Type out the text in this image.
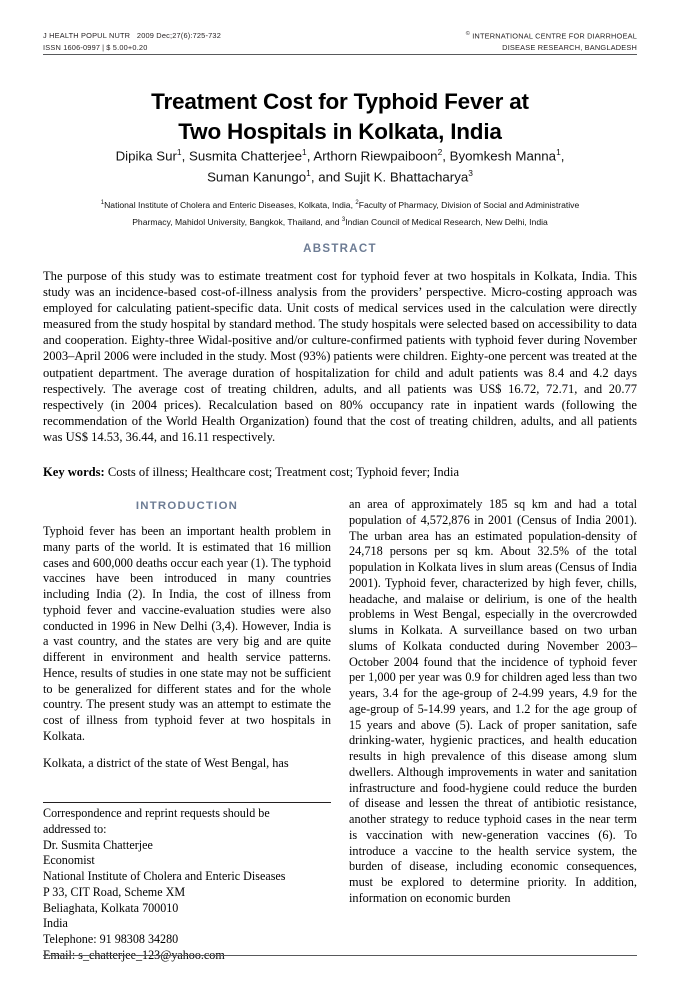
J HEALTH POPUL NUTR 2009 Dec;27(6):725-732
ISSN 1606-0997 | $ 5.00+0.20
© INTERNATIONAL CENTRE FOR DIARRHOEAL
DISEASE RESEARCH, BANGLADESH
Treatment Cost for Typhoid Fever at
Two Hospitals in Kolkata, India
Dipika Sur$^1$, Susmita Chatterjee$^1$, Arthorn Riewpaiboon$^2$, Byomkesh Manna$^1$,
Suman Kanungo$^1$, and Sujit K. Bhattacharya$^3$
$^1$National Institute of Cholera and Enteric Diseases, Kolkata, India, $^2$Faculty of Pharmacy, Division of Social and Administrative
Pharmacy, Mahidol University, Bangkok, Thailand, and $^3$Indian Council of Medical Research, New Delhi, India
ABSTRACT
The purpose of this study was to estimate treatment cost for typhoid fever at two hospitals in Kolkata, India. This study was an incidence-based cost-of-illness analysis from the providers’ perspective. Micro-costing approach was employed for calculating patient-specific data. Unit costs of medical services used in the calculation were directly measured from the study hospital by standard method. The study hospitals were selected based on accessibility to data and cooperation. Eighty-three Widal-positive and/or culture-confirmed patients with typhoid fever during November 2003–April 2006 were included in the study. Most (93%) patients were children. Eighty-one percent was treated at the outpatient department. The average duration of hospitalization for child and adult patients was 8.4 and 4.2 days respectively. The average cost of treating children, adults, and all patients was US$ 16.72, 72.71, and 20.77 respectively (in 2004 prices). Recalculation based on 80% occupancy rate in inpatient wards (following the recommendation of the World Health Organization) found that the cost of treating children, adults, and all patients was US$ 14.53, 36.44, and 16.11 respectively.
Key words: Costs of illness; Healthcare cost; Treatment cost; Typhoid fever; India
INTRODUCTION

Typhoid fever has been an important health problem in many parts of the world. It is estimated that 16 million cases and 600,000 deaths occur each year (1). The typhoid vaccines have been introduced in many countries including India (2). In India, the cost of illness from typhoid fever and vaccine-evaluation studies were also conducted in 1996 in New Delhi (3,4). However, India is a vast country, and the states are very big and are quite different in environment and health service patterns. Hence, results of studies in one state may not be sufficient to be generalized for different states and for the whole country. The present study was an attempt to estimate the cost of illness from typhoid fever at two hospitals in Kolkata.

Kolkata, a district of the state of West Bengal, has

an area of approximately 185 sq km and had a total population of 4,572,876 in 2001 (Census of India 2001). The urban area has an estimated population-density of 24,718 persons per sq km. About 32.5% of the total population in Kolkata lives in slum areas (Census of India 2001). Typhoid fever, characterized by high fever, chills, headache, and malaise or delirium, is one of the health problems in West Bengal, especially in the overcrowded slums in Kolkata. A surveillance based on two urban slums of Kolkata conducted during November 2003–October 2004 found that the incidence of typhoid fever per 1,000 per year was 0.9 for children aged less than two years, 3.4 for the age-group of 2-4.99 years, 4.9 for the age-group of 5-14.99 years, and 1.2 for the age group of 15 years and above (5). Lack of proper sanitation, safe drinking-water, hygienic practices, and health education results in high prevalence of this disease among slum dwellers. Although improvements in water and sanitation infrastructure and food-hygiene could reduce the burden of disease and lessen the threat of antibiotic resistance, another strategy to reduce typhoid cases in the near term is vaccination with new-generation vaccines (6). To introduce a vaccine to the health service system, the burden of disease, including economic consequences, must be explored to determine priority. In addition, information on economic burden

Correspondence and reprint requests should be
addressed to:
Dr. Susmita Chatterjee
Economist
National Institute of Cholera and Enteric Diseases
P 33, CIT Road, Scheme XM
Beliaghata, Kolkata 700010
India
Telephone: 91 98308 34280
Email: s_chatterjee_123@yahoo.com
